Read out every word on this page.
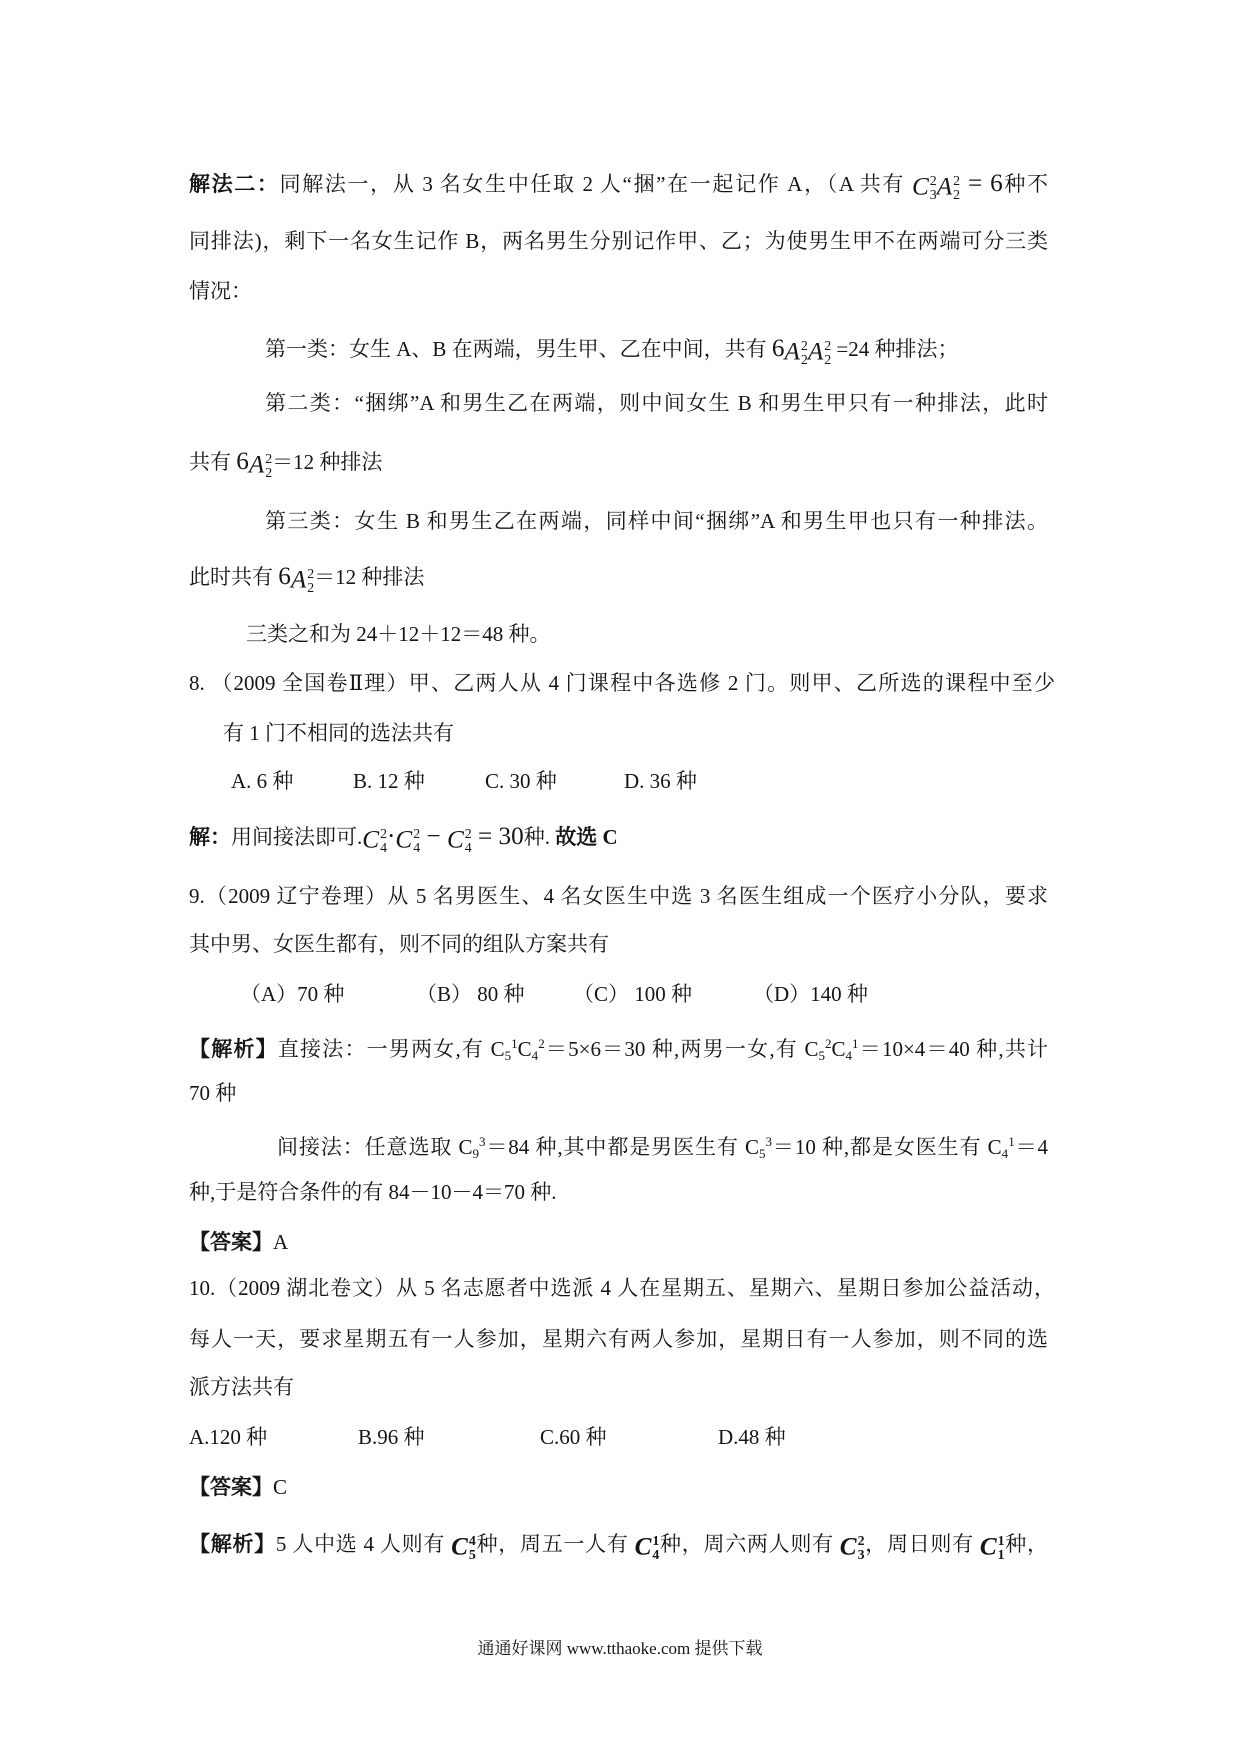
解法二：同解法一，从 3 名女生中任取 2 人“捆”在一起记作 A，（A 共有 C 2
3 A 2
2 = 6种不
同排法)，剩下一名女生记作 B，两名男生分别记作甲、乙；为使男生甲不在两端可分三类
情况：
第一类：女生 A、B 在两端，男生甲、乙在中间，共有 6A 2
2 A 2
2 =24 种排法；
第二类：“捆绑”A 和男生乙在两端，则中间女生 B 和男生甲只有一种排法，此时
共有 6A 2
2 ＝12 种排法
第三类：女生 B 和男生乙在两端，同样中间“捆绑”A 和男生甲也只有一种排法。
此时共有 6A 2
2 ＝12 种排法
三类之和为 24＋12＋12＝48 种。
8. （2009 全国卷Ⅱ理）甲、乙两人从 4 门课程中各选修 2 门。则甲、乙所选的课程中至少
有 1 门不相同的选法共有
A. 6 种	B. 12 种	C. 30 种	D. 36 种
解：用间接法即可.C 2
4 ·C 2
4 − C 2
4 = 30种. 故选 C
9.（2009 辽宁卷理）从 5 名男医生、4 名女医生中选 3 名医生组成一个医疗小分队，要求
其中男、女医生都有，则不同的组队方案共有
（A）70 种	（B） 80 种 （C） 100 种	（D）140 种
【解析】直接法：一男两女,有 $C5^1C4^2=5\times 6=30$ 种,两男一女,有 $C5^2C4^1=10\times 4=40$ 种,共计
70 种
间接法：任意选取 $C9^3=84$ 种,其中都是男医生有 $C5^3=10$ 种,都是女医生有 $C4^1=4$
种,于是符合条件的有 84－10－4＝70 种.
【答案】A
10.（2009 湖北卷文）从 5 名志愿者中选派 4 人在星期五、星期六、星期日参加公益活动，
每人一天，要求星期五有一人参加，星期六有两人参加，星期日有一人参加，则不同的选
派方法共有
A.120 种	B.96 种	C.60 种	D.48 种
【答案】C
【解析】5 人中选 4 人则有 C 4
5 种，周五一人有 C 1
4 种，周六两人则有 C 2
3 ，周日则有 C 1
1 种，
通通好课网 www.tthaoke.com 提供下载
